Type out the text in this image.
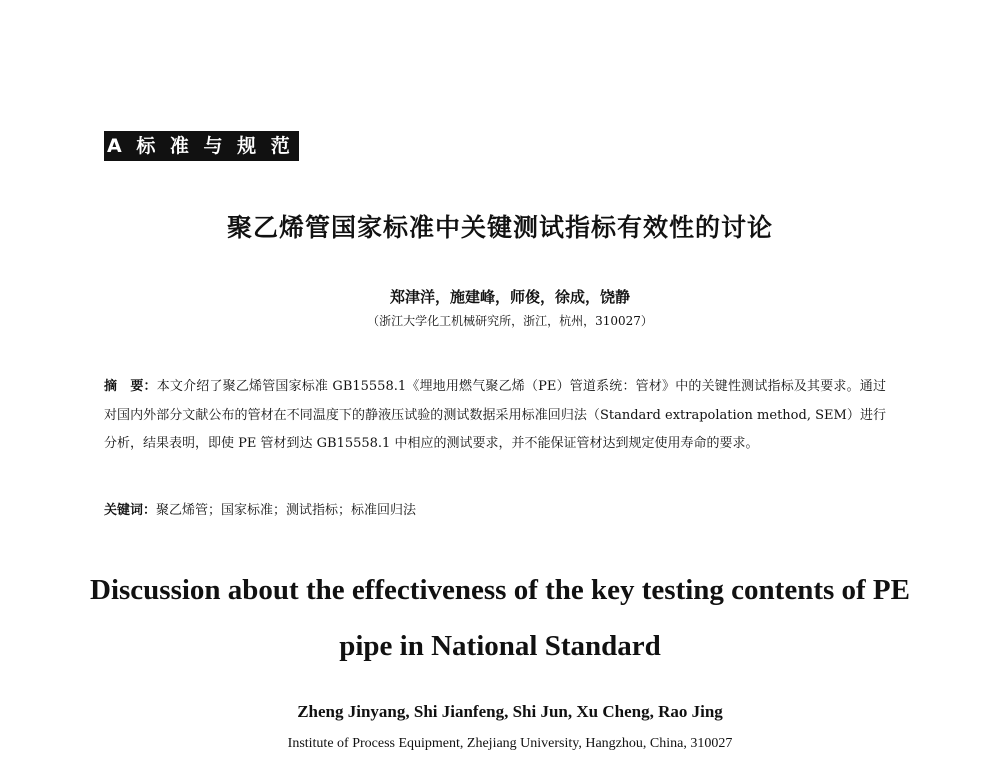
A 标 准 与 规 范
聚乙烯管国家标准中关键测试指标有效性的讨论
郑津洋，施建峰，师俊，徐成，饶静
（浙江大学化工机械研究所，浙江，杭州，310027）
摘　要：本文介绍了聚乙烯管国家标准 GB15558.1《埋地用燃气聚乙烯（PE）管道系统：管材》中的关键性测试指标及其要求。通过对国内外部分文献公布的管材在不同温度下的静液压试验的测试数据采用标准回归法（Standard extrapolation method, SEM）进行分析，结果表明，即使 PE 管材到达 GB15558.1 中相应的测试要求，并不能保证管材达到规定使用寿命的要求。
关键词：聚乙烯管；国家标准；测试指标；标准回归法
Discussion about the effectiveness of the key testing contents of PE pipe in National Standard
Zheng Jinyang, Shi Jianfeng, Shi Jun, Xu Cheng, Rao Jing
Institute of Process Equipment, Zhejiang University, Hangzhou, China, 310027
